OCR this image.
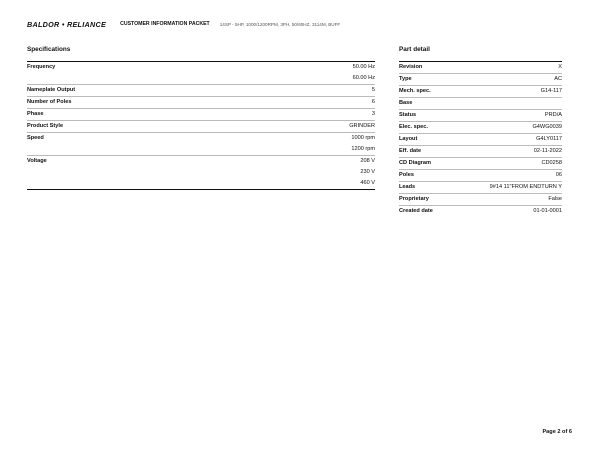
BALDOR • RELIANCE	CUSTOMER INFORMATION PACKET 14SP - 5HP, 1000/1200RPM, 3PH, 50/60HZ, 3114M, BUFF
Specifications
Frequency	50.00 Hz
	60.00 Hz
Nameplate Output	5
Number of Poles	6
Phase	3
Product Style	GRINDER
Speed	1000 rpm
	1200 rpm
Voltage	208 V
	230 V
	460 V
Part detail
Revision	X
Type	AC
Mech. spec.	G14-117
Base	
Status	PRD/A
Elec. spec.	G4WG0039
Layout	G4LY0117
Eff. date	02-11-2022
CD Diagram	CD0258
Poles	06
Leads	9#14 11"FROM ENDTURN Y
Proprietary	False
Created date	01-01-0001
Page 2 of 6
